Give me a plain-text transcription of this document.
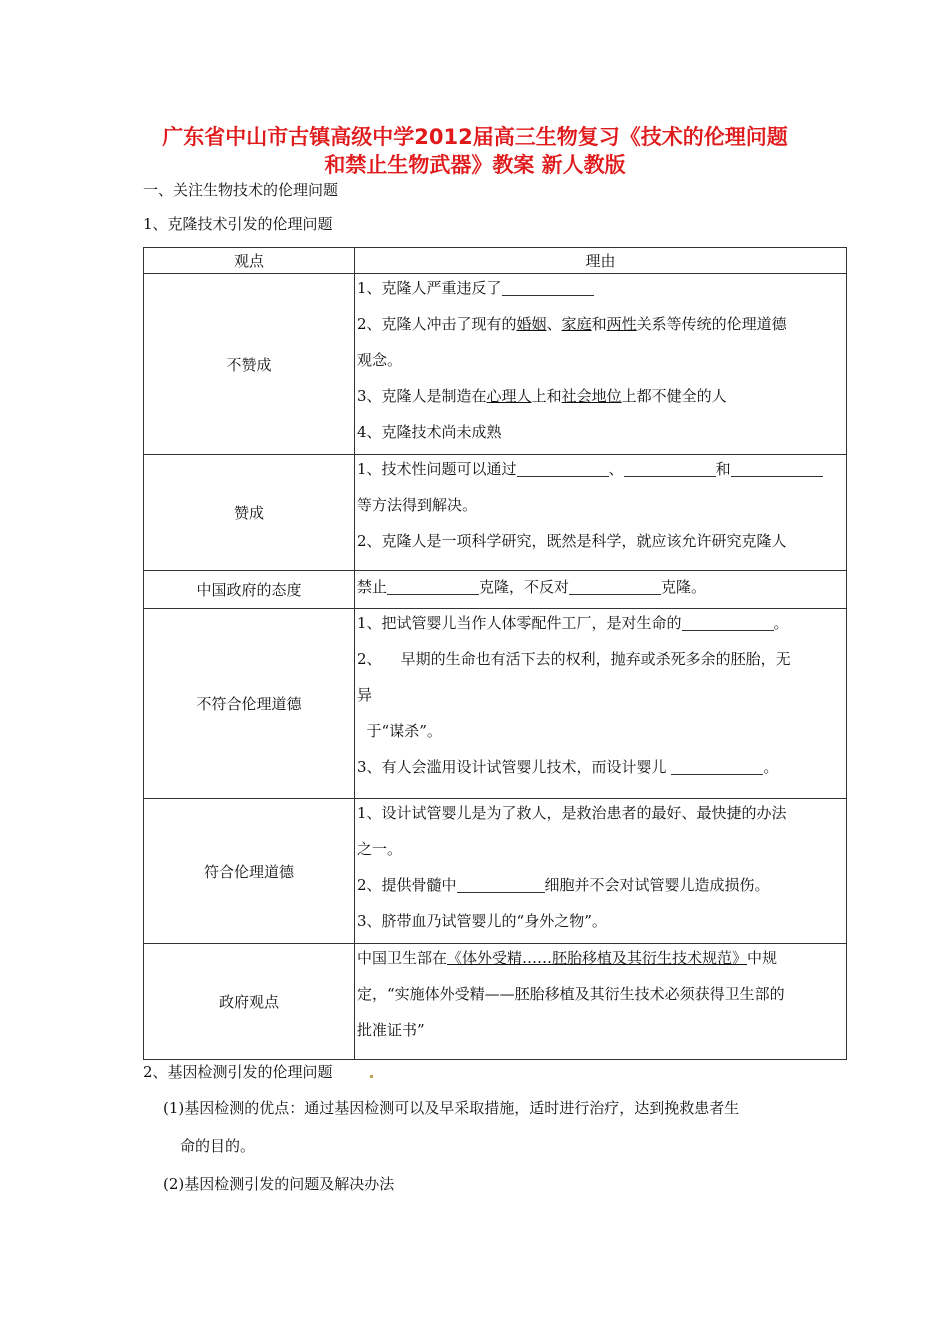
广东省中山市古镇高级中学2012届高三生物复习《技术的伦理问题
和禁止生物武器》教案 新人教版
一、关注生物技术的伦理问题
1、克隆技术引发的伦理问题
观点	理由
不赞成	1、克隆人严重违反了
2、克隆人冲击了现有的婚姻、家庭和两性关系等传统的伦理道德
观念。
3、克隆人是制造在心理人上和社会地位上都不健全的人
4、克隆技术尚未成熟

赞成	1、技术性问题可以通过 、 和
等方法得到解决。
2、克隆人是一项科学研究，既然是科学，就应该允许研究克隆人

中国政府的态度	禁止 克隆，不反对 克隆。

不符合伦理道德	1、把试管婴儿当作人体零配件工厂，是对生命的 。
2、    早期的生命也有活下去的权利，抛弃或杀死多余的胚胎，无
异
于“谋杀”。
3、有人会滥用设计试管婴儿技术，而设计婴儿 。

符合伦理道德	1、设计试管婴儿是为了救人，是救治患者的最好、最快捷的办法
之一。
2、提供骨髓中 细胞并不会对试管婴儿造成损伤。
3、脐带血乃试管婴儿的“身外之物”。

政府观点	中国卫生部在《体外受精……胚胎移植及其衍生技术规范》中规
定，“实施体外受精——胚胎移植及其衍生技术必须获得卫生部的
批准证书”
2、基因检测引发的伦理问题
(1)基因检测的优点：通过基因检测可以及早采取措施，适时进行治疗，达到挽救患者生
命的目的。
(2)基因检测引发的问题及解决办法
